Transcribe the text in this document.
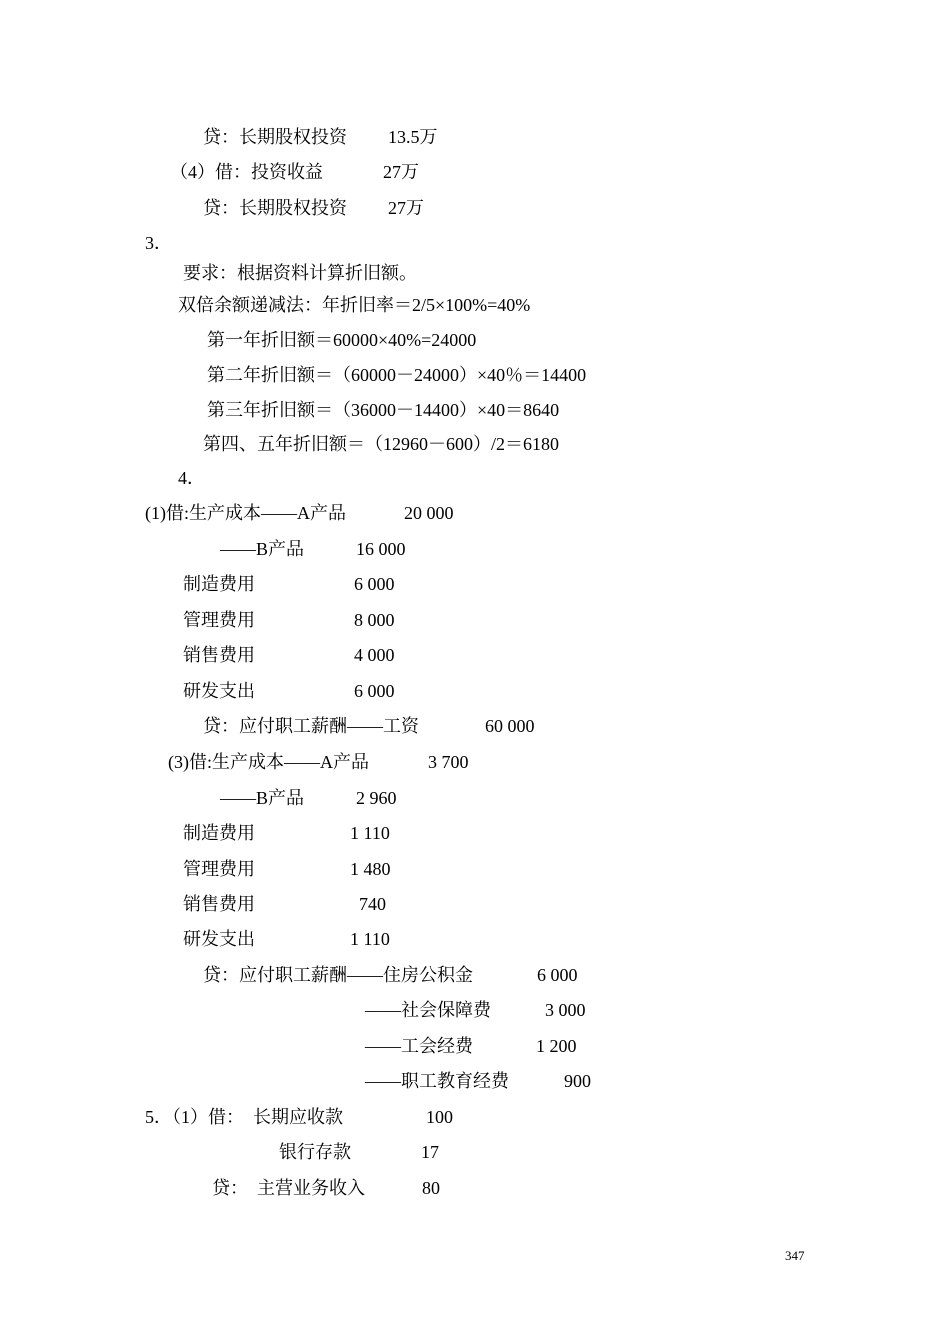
贷：长期股权投资 13.5万
（4）借：投资收益	27万
贷：长期股权投资 27万
3．
要求：根据资料计算折旧额。
双倍余额递减法：年折旧率＝2/5×100%=40%
第一年折旧额＝60000×40%=24000
第二年折旧额＝（60000－24000）×40％＝14400
第三年折旧额＝（36000－14400）×40＝8640
第四、五年折旧额＝（12960－600）/2＝6180
4．
(1)借:生产成本——A产品	20 000
——B产品	16 000
制造费用	6 000
管理费用	8 000
销售费用	4 000
研发支出	6 000
贷：应付职工薪酬——工资	60 000
(3)借:生产成本——A产品	3 700
——B产品	2 960
制造费用	1 110
管理费用	1 480
销售费用	740
研发支出	1 110
贷：应付职工薪酬——住房公积金	6 000
——社会保障费	3 000
——工会经费	1 200
——职工教育经费	900
5．（1）借：  长期应收款	100
银行存款	17
贷：  主营业务收入	80
347
